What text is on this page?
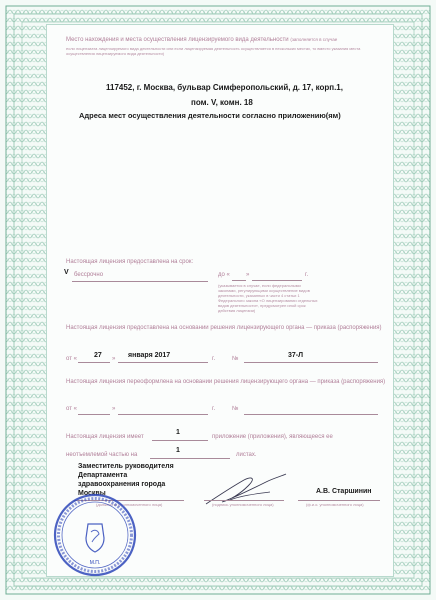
Место нахождения и места осуществления лицензируемого вида деятельности (заполняется в случае
если лицензиата лицензируемого вида деятельности или если лицензируемая деятельность осуществляется в нескольких местах, то вместо указания места осуществления лицензируемого вида деятельности)
117452, г. Москва, бульвар Симферопольский, д. 17, корп.1,
пом. V, комн. 18
Адреса мест осуществления деятельности согласно приложению(ям)
Настоящая лицензия предоставлена на срок:
V бессрочно	до «	»	г.
(указывается в случае, если федеральными законами, регулирующими осуществление видов деятельности, указанных в части 4 статьи 1 Федерального закона «О лицензировании отдельных видов деятельности», предусмотрен иной срок действия лицензии)
Настоящая лицензия предоставлена на основании решения лицензирующего органа — приказа (распоряжения)
от « 27 » января 2017	г.	№	37-Л
Настоящая лицензия переоформлена на основании решения лицензирующего органа — приказа (распоряжения)
от «	»	г.	№
Настоящая лицензия имеет
1
приложение (приложения), являющееся ее
неотъемлемой частью на
1
листах.
Заместитель руководителя
Департамента
здравоохранения города
Москвы
(должность уполномоченного лица)	(подпись уполномоченного лица)
А.В. Старшинин
(ф.и.о. уполномоченного лица)
М.П.
